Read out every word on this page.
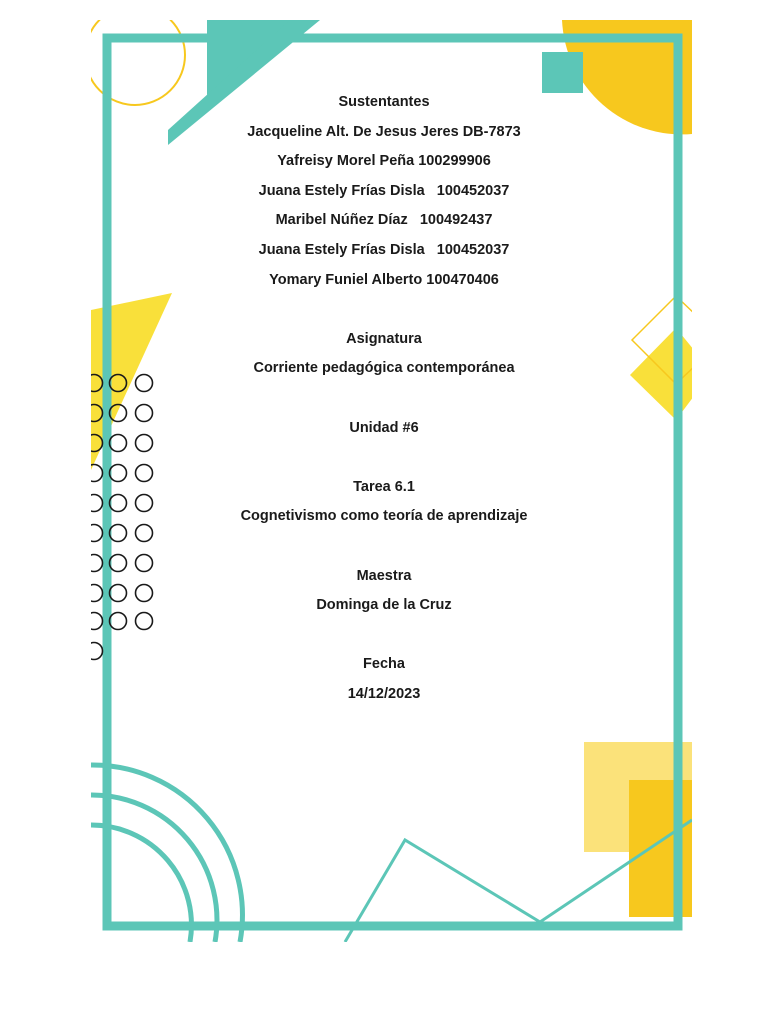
Sustentantes
Jacqueline Alt. De Jesus Jeres DB-7873
Yafreisy Morel Peña 100299906
Juana Estely Frías Disla   100452037
Maribel Núñez Díaz   100492437
Juana Estely Frías Disla   100452037
Yomary Funiel Alberto 100470406
Asignatura
Corriente pedagógica contemporánea
Unidad #6
Tarea 6.1
Cognetivismo como teoría de aprendizaje
Maestra
Dominga de la Cruz
Fecha
14/12/2023
